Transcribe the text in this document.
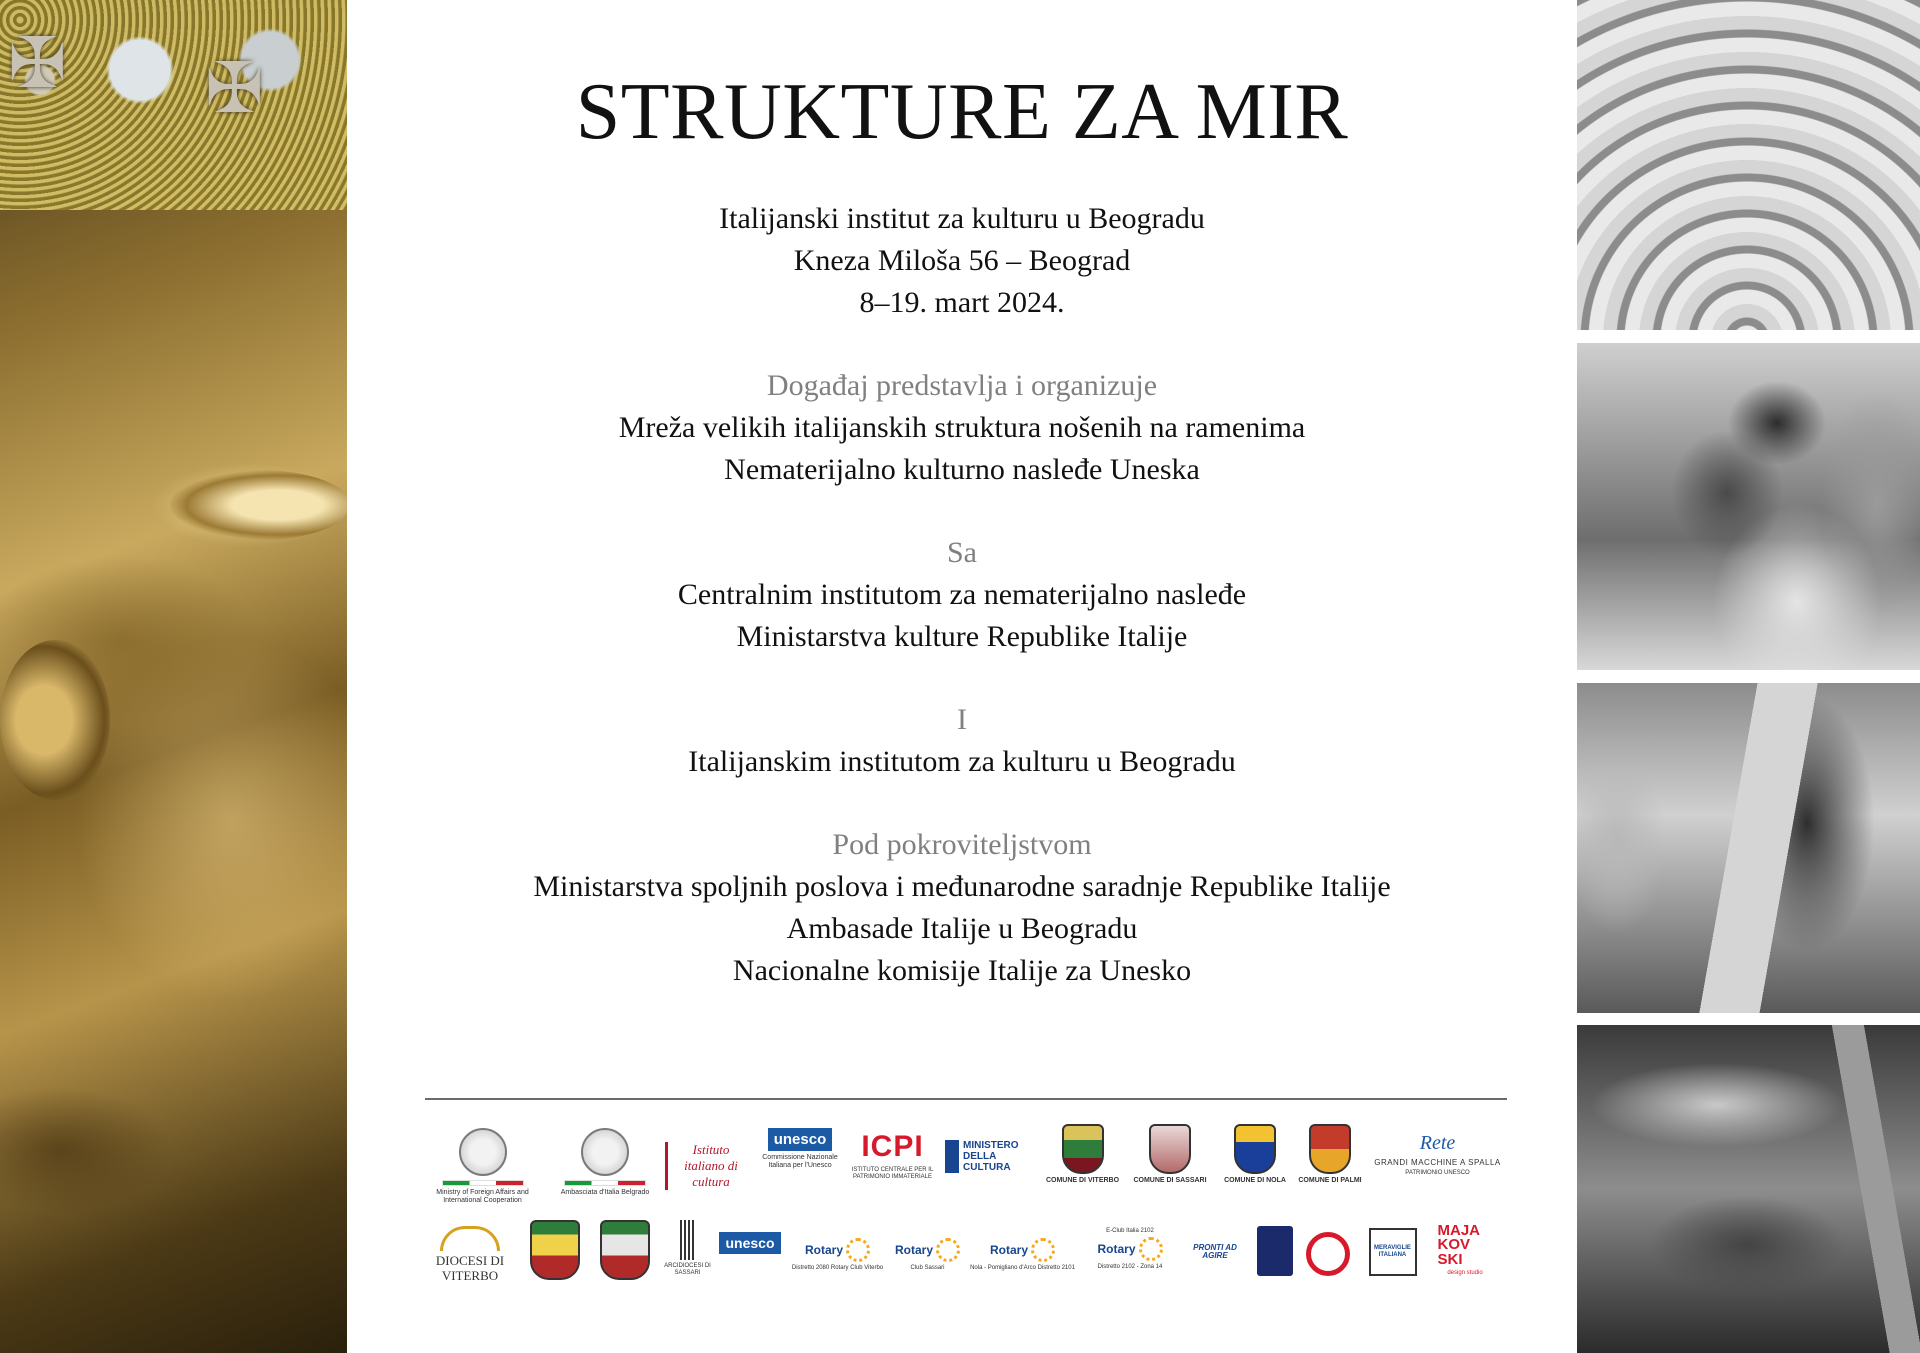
✠ ✠	STRUKTURE ZA MIR

Italijanski institut za kulturu u Beogradu

Kneza Miloša 56 – Beograd

8–19. mart 2024.

Događaj predstavlja i organizuje

Mreža velikih italijanskih struktura nošenih na ramenima

Nematerijalno kulturno nasleđe Uneska

Sa

Centralnim institutom za nematerijalno nasleđe

Ministarstva kulture Republike Italije

I

Italijanskim institutom za kulturu u Beogradu

Pod pokroviteljstvom

Ministarstva spoljnih poslova i međunarodne saradnje Republike Italije

Ambasade Italije u Beogradu

Nacionalne komisije Italije za Unesko

Ministry of Foreign Affairs and International Cooperation
Ambasciata d'Italia Belgrado
Istituto italiano di cultura
unesco
Commissione Nazionale Italiana per l'Unesco
ICPI
ISTITUTO CENTRALE PER IL PATRIMONIO IMMATERIALE
MINISTERO DELLA CULTURA
COMUNE DI VITERBO COMUNE DI SASSARI	COMUNE DI NOLA COMUNE DI PALMI
Rete
GRANDI MACCHINE A SPALLA
PATRIMONIO UNESCO
DIOCESI DI VITERBO
ARCIDIOCESI DI SASSARI
unesco	Rotary
Distretto 2080 Rotary Club Viterbo
Rotary
Club Sassari
Rotary
Nola - Pomigliano d'Arco Distretto 2101
E-Club Italia 2102
Rotary
Distretto 2102 - Zona 14
PRONTI AD AGIRE
MERAVIGLIE ITALIANA
MAJA KOV SKI
design studio
